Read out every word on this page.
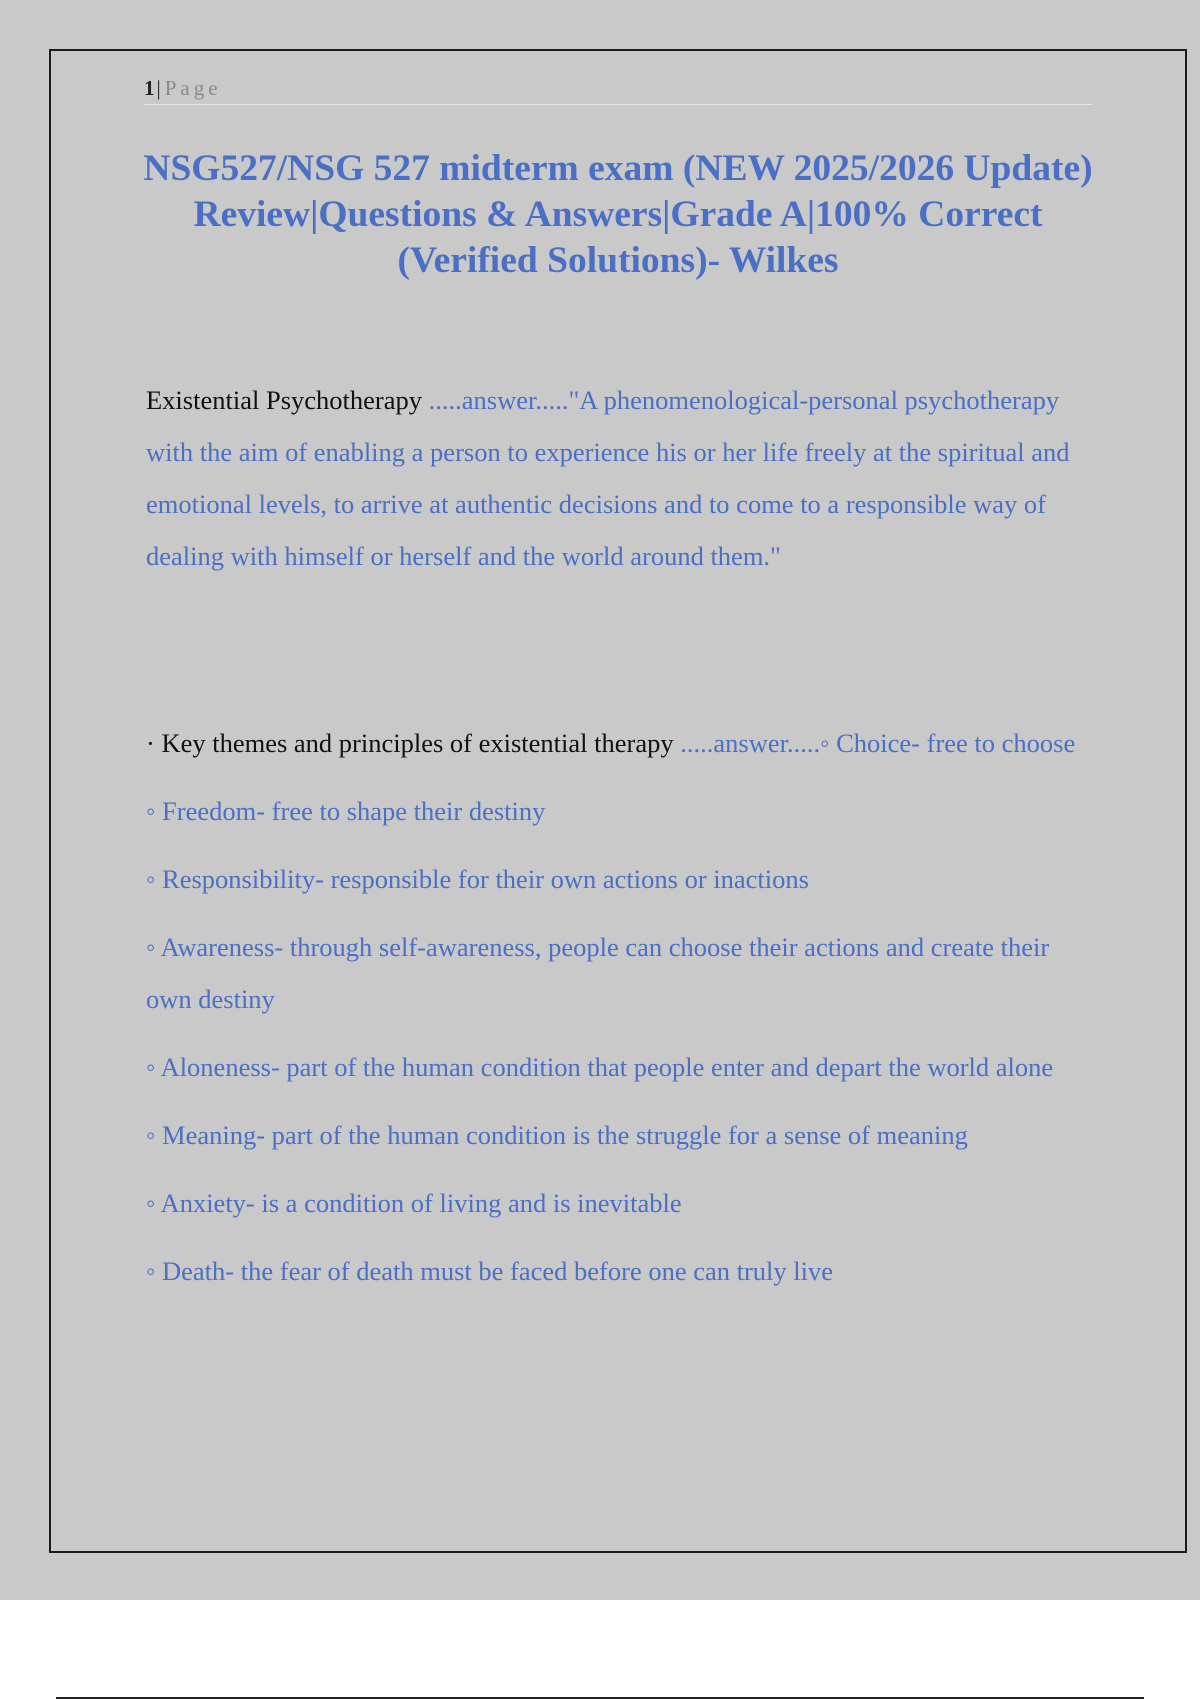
1| Page
NSG527/NSG 527 midterm exam (NEW 2025/2026 Update) Review|Questions & Answers|Grade A|100% Correct (Verified Solutions)- Wilkes
Existential Psychotherapy .....answer....."A phenomenological-personal psychotherapy with the aim of enabling a person to experience his or her life freely at the spiritual and emotional levels, to arrive at authentic decisions and to come to a responsible way of dealing with himself or herself and the world around them."

· Key themes and principles of existential therapy .....answer.....◦ Choice- free to choose

◦ Freedom- free to shape their destiny

◦ Responsibility- responsible for their own actions or inactions

◦ Awareness- through self-awareness, people can choose their actions and create their own destiny

◦ Aloneness- part of the human condition that people enter and depart the world alone

◦ Meaning- part of the human condition is the struggle for a sense of meaning

◦ Anxiety- is a condition of living and is inevitable

◦ Death- the fear of death must be faced before one can truly live
